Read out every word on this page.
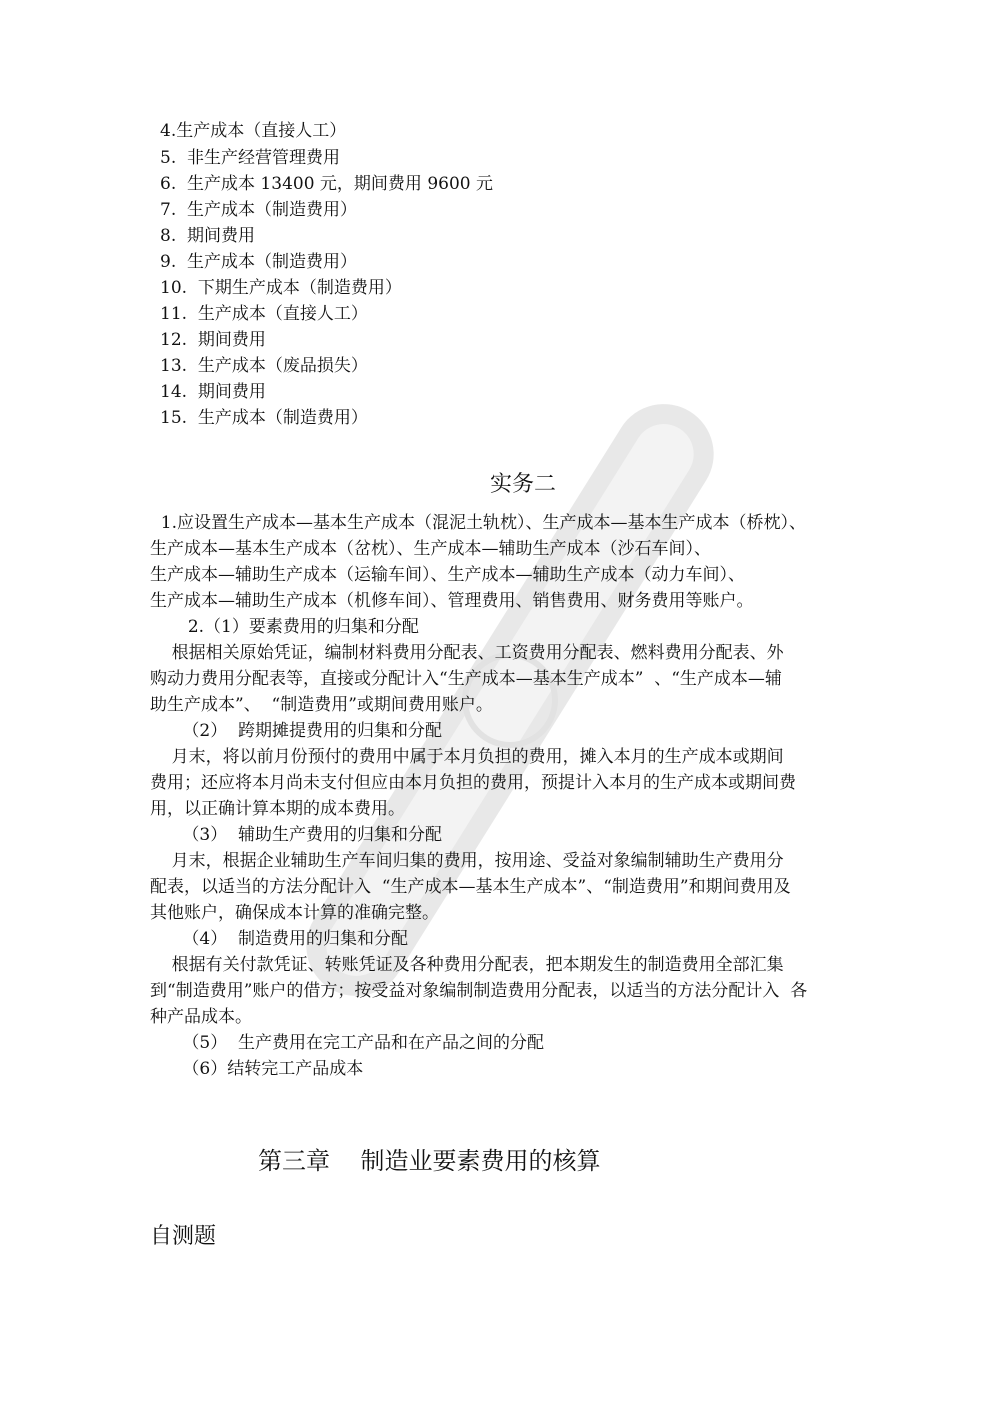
4.生产成本（直接人工）
5.  非生产经营管理费用
6.  生产成本 13400 元，期间费用 9600 元
7.  生产成本（制造费用）
8.  期间费用
9.  生产成本（制造费用）
10.  下期生产成本（制造费用）
11.  生产成本（直接人工）
12.  期间费用
13.  生产成本（废品损失）
14.  期间费用
15.  生产成本（制造费用）
实务二
1.应设置生产成本—基本生产成本（混泥土轨枕）、生产成本—基本生产成本（桥枕）、
生产成本—基本生产成本（岔枕）、生产成本—辅助生产成本（沙石车间）、
生产成本—辅助生产成本（运输车间）、生产成本—辅助生产成本（动力车间）、
生产成本—辅助生产成本（机修车间）、管理费用、销售费用、财务费用等账户。
2.（1）要素费用的归集和分配
根据相关原始凭证，编制材料费用分配表、工资费用分配表、燃料费用分配表、外
购动力费用分配表等，直接或分配计入“生产成本—基本生产成本”  、“生产成本—辅
助生产成本”、  “制造费用”或期间费用账户。
（2）  跨期摊提费用的归集和分配
月末，将以前月份预付的费用中属于本月负担的费用，摊入本月的生产成本或期间
费用；还应将本月尚未支付但应由本月负担的费用，预提计入本月的生产成本或期间费
用，以正确计算本期的成本费用。
（3）  辅助生产费用的归集和分配
月末，根据企业辅助生产车间归集的费用，按用途、受益对象编制辅助生产费用分
配表，以适当的方法分配计入  “生产成本—基本生产成本”、“制造费用”和期间费用及
其他账户，确保成本计算的准确完整。
（4）  制造费用的归集和分配
根据有关付款凭证、转账凭证及各种费用分配表，把本期发生的制造费用全部汇集
到“制造费用”账户的借方；按受益对象编制制造费用分配表，以适当的方法分配计入  各
种产品成本。
（5）  生产费用在完工产品和在产品之间的分配
（6）结转完工产品成本
第三章    制造业要素费用的核算
自测题
